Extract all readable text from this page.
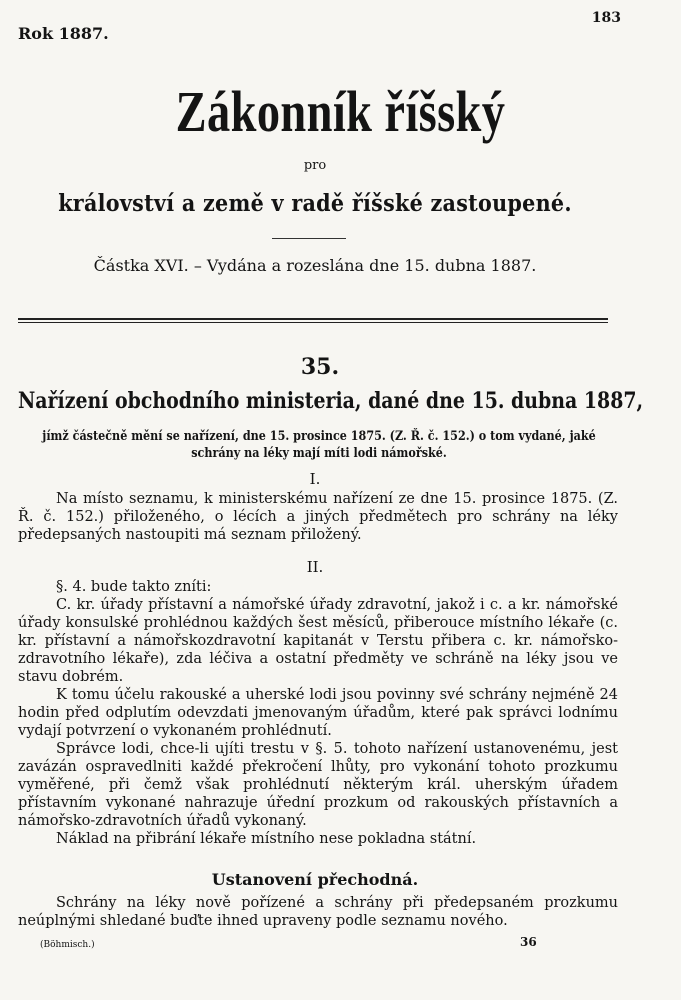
Rok 1887.
183
Zákonník říšský
pro
království a země v radě říšské zastoupené.
Částka XVI. – Vydána a rozeslána dne 15. dubna 1887.
35.
Nařízení obchodního ministeria, dané dne 15. dubna 1887,
jímž částečně mění se nařízení, dne 15. prosince 1875. (Z. Ř. č. 152.) o tom vydané, jaké schrány na léky mají míti lodi námořské.
I.

Na místo seznamu, k ministerskému nařízení ze dne 15. prosince 1875. (Z. Ř. č. 152.) přiloženého, o lécích a jiných předmětech pro schrány na léky předepsaných nastoupiti má seznam přiložený.

II.

§. 4. bude takto zníti:

C. kr. úřady přístavní a námořské úřady zdravotní, jakož i c. a kr. námořské úřady konsulské prohlédnou každých šest měsíců, přiberouce místního lékaře (c. kr. přístavní a námořskozdravotní kapitanát v Terstu přibera c. kr. námořsko-zdravotního lékaře), zda léčiva a ostatní předměty ve schráně na léky jsou ve stavu dobrém.

K tomu účelu rakouské a uherské lodi jsou povinny své schrány nejméně 24 hodin před odplutím odevzdati jmenovaným úřadům, které pak správci lodnímu vydají potvrzení o vykonaném prohlédnutí.

Správce lodi, chce-li ujíti trestu v §. 5. tohoto nařízení ustanovenému, jest zavázán ospravedlniti každé překročení lhůty, pro vykonání tohoto prozkumu vyměřené, při čemž však prohlédnutí některým král. uherským úřadem přístavním vykonané nahrazuje úřední prozkum od rakouských přístavních a námořsko-zdravotních úřadů vykonaný.

Náklad na přibrání lékaře místního nese pokladna státní.

Ustanovení přechodná.

Schrány na léky nově pořízené a schrány při předepsaném prozkumu neúplnými shledané buďte ihned upraveny podle seznamu nového.

(Böhmisch.)	36
